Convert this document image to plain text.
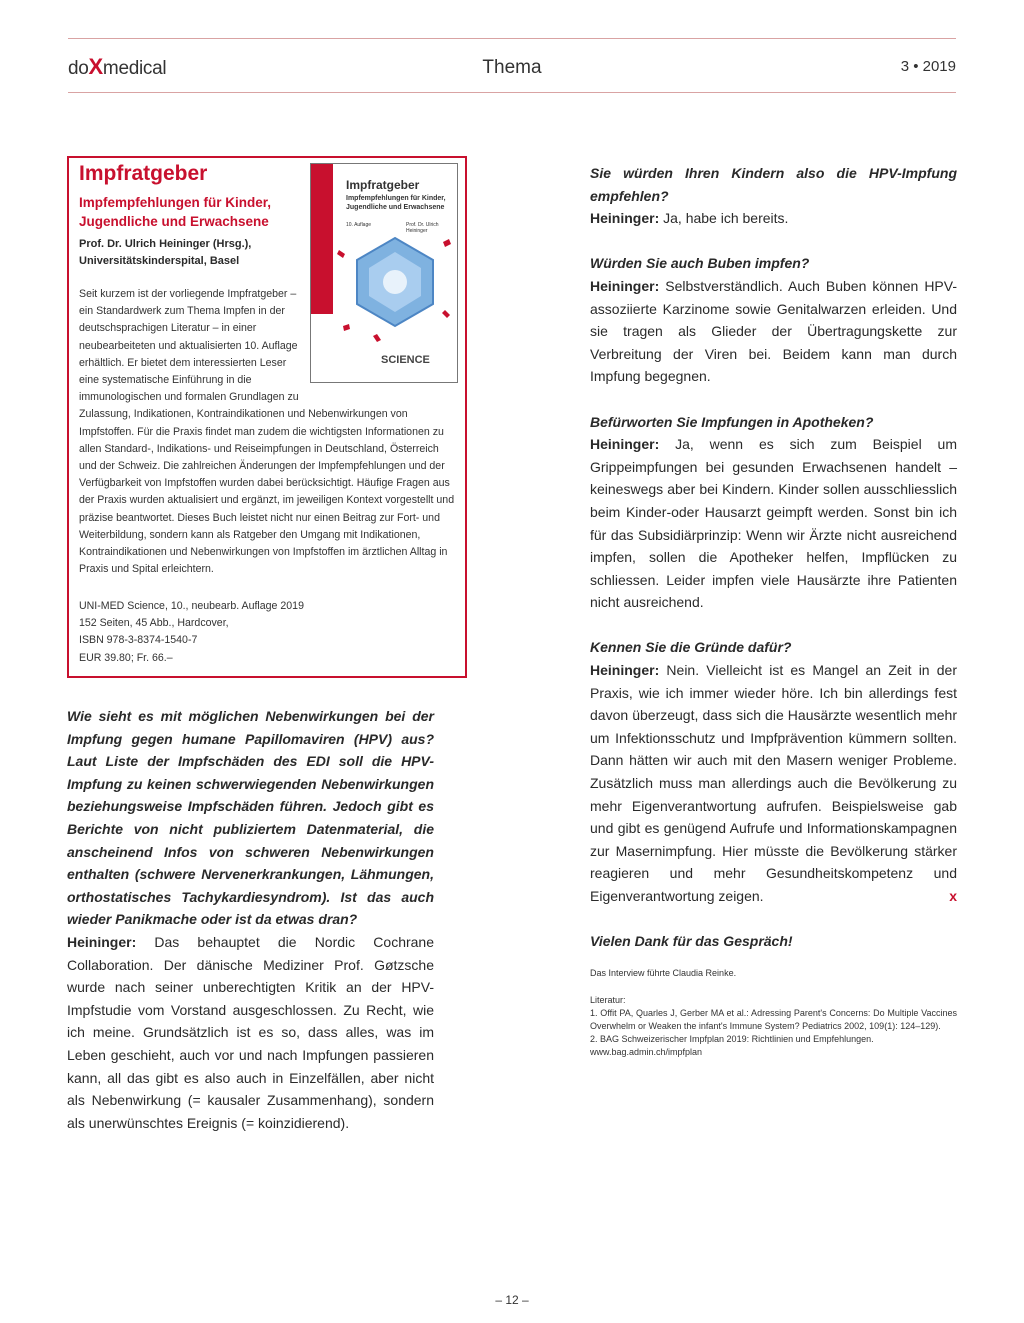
doXmedical	Thema	3 • 2019
Impfratgeber
Impfempfehlungen für Kinder, Jugendliche und Erwachsene
Prof. Dr. Ulrich Heininger (Hrsg.), Universitätskinderspital, Basel

Seit kurzem ist der vorliegende Impfratgeber – ein Standardwerk zum Thema Impfen in der deutschsprachigen Literatur – in einer neubearbeiteten und aktualisierten 10. Auflage erhältlich. Er bietet dem interessierten Leser eine systematische Einführung in die immunologischen und formalen Grundlagen zu Zulassung, Indikationen, Kontraindikationen und Nebenwirkungen von Impfstoffen. Für die Praxis findet man zudem die wichtigsten Informationen zu allen Standard-, Indikations- und Reiseimpfungen in Deutschland, Österreich und der Schweiz. Die zahlreichen Änderungen der Impfempfehlungen und der Verfügbarkeit von Impfstoffen wurden dabei berücksichtigt. Häufige Fragen aus der Praxis wurden aktualisiert und ergänzt, im jeweiligen Kontext vorgestellt und präzise beantwortet. Dieses Buch leistet nicht nur einen Beitrag zur Fort- und Weiterbildung, sondern kann als Ratgeber den Umgang mit Indikationen, Kontraindikationen und Nebenwirkungen von Impfstoffen im ärztlichen Alltag in Praxis und Spital erleichtern.

UNI-MED Science, 10., neubearb. Auflage 2019
152 Seiten, 45 Abb., Hardcover,
ISBN 978-3-8374-1540-7
EUR 39.80; Fr. 66.–
Impfratgeber
Impfempfehlungen für Kinder, Jugendliche und Erwachsene
10. Auflage	Prof. Dr. Ulrich Heininger
SCIENCE

Wie sieht es mit möglichen Nebenwirkungen bei der Impfung gegen humane Papillomaviren (HPV) aus? Laut Liste der Impfschäden des EDI soll die HPV-Impfung zu keinen schwerwiegenden Nebenwirkungen beziehungsweise Impfschäden führen. Jedoch gibt es Berichte von nicht publiziertem Datenmaterial, die anscheinend Infos von schweren Nebenwirkungen enthalten (schwere Nervenerkrankungen, Lähmungen, orthostatisches Tachykardiesyndrom). Ist das auch wieder Panikmache oder ist da etwas dran?

Heininger: Das behauptet die Nordic Cochrane Collaboration. Der dänische Mediziner Prof. Gøtzsche wurde nach seiner unberechtigten Kritik an der HPV-Impfstudie vom Vorstand ausgeschlossen. Zu Recht, wie ich meine. Grundsätzlich ist es so, dass alles, was im Leben geschieht, auch vor und nach Impfungen passieren kann, all das gibt es also auch in Einzelfällen, aber nicht als Nebenwirkung (= kausaler Zusammenhang), sondern als unerwünschtes Ereignis (= koinzidierend).

Sie würden Ihren Kindern also die HPV-Impfung empfehlen?

Heininger: Ja, habe ich bereits.

Würden Sie auch Buben impfen?

Heininger: Selbstverständlich. Auch Buben können HPV-assoziierte Karzinome sowie Genitalwarzen erleiden. Und sie tragen als Glieder der Übertragungskette zur Verbreitung der Viren bei. Beidem kann man durch Impfung begegnen.

Befürworten Sie Impfungen in Apotheken?

Heininger: Ja, wenn es sich zum Beispiel um Grippeimpfungen bei gesunden Erwachsenen handelt – keineswegs aber bei Kindern. Kinder sollen ausschliesslich beim Kinder-oder Hausarzt geimpft werden. Sonst bin ich für das Subsidiärprinzip: Wenn wir Ärzte nicht ausreichend impfen, sollen die Apotheker helfen, Impflücken zu schliessen. Leider impfen viele Hausärzte ihre Patienten nicht ausreichend.

Kennen Sie die Gründe dafür?

Heininger: Nein. Vielleicht ist es Mangel an Zeit in der Praxis, wie ich immer wieder höre. Ich bin allerdings fest davon überzeugt, dass sich die Hausärzte wesentlich mehr um Infektionsschutz und Impfprävention kümmern sollten. Dann hätten wir auch mit den Masern weniger Probleme. Zusätzlich muss man allerdings auch die Bevölkerung zu mehr Eigenverantwortung aufrufen. Beispielsweise gab und gibt es genügend Aufrufe und Informationskampagnen zur Masernimpfung. Hier müsste die Bevölkerung stärker reagieren und mehr Gesundheitskompetenz und Eigenverantwortung zeigen.	x

Vielen Dank für das Gespräch!

Das Interview führte Claudia Reinke.

Literatur:

1. Offit PA, Quarles J, Gerber MA et al.: Adressing Parent's Concerns: Do Multiple Vaccines Overwhelm or Weaken the infant's Immune System? Pediatrics 2002, 109(1): 124–129).

2. BAG Schweizerischer Impfplan 2019: Richtlinien und Empfehlungen.

www.bag.admin.ch/impfplan

– 12 –
